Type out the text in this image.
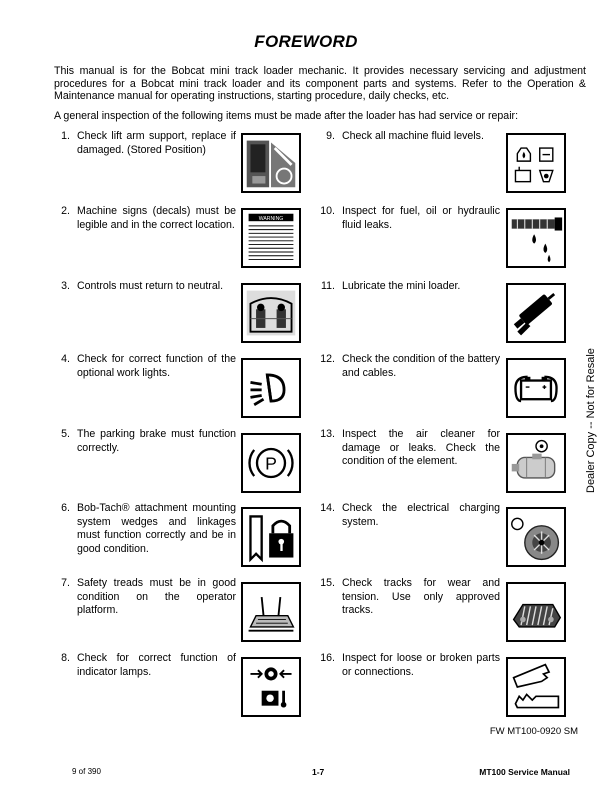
FOREWORD
This manual is for the Bobcat mini track loader mechanic. It provides necessary servicing and adjustment procedures for a Bobcat mini track loader and its component parts and systems. Refer to the Operation & Maintenance manual for operating instructions, starting procedure, daily checks, etc.
A general inspection of the following items must be made after the loader has had service or repair:
1. Check lift arm support, replace if damaged. (Stored Position)
2. Machine signs (decals) must be legible and in the correct location.	WARNING
3. Controls must return to neutral.
4. Check for correct function of the optional work lights.
5. The parking brake must function correctly.
P
6. Bob-Tach® attachment mounting system wedges and linkages must function correctly and be in good condition.
7. Safety treads must be in good condition on the operator platform.
8. Check for correct function of indicator lamps.
9. Check all machine fluid levels.
10. Inspect for fuel, oil or hydraulic fluid leaks.
11. Lubricate the mini loader.
12. Check the condition of the battery and cables.
13. Inspect the air cleaner for damage or leaks. Check the condition of the element.
14. Check the electrical charging system.
15. Check tracks for wear and tension. Use only approved tracks.
16. Inspect for loose or broken parts or connections.
Dealer Copy -- Not for Resale
FW MT100-0920 SM
9 of 390	1-7	MT100 Service Manual
